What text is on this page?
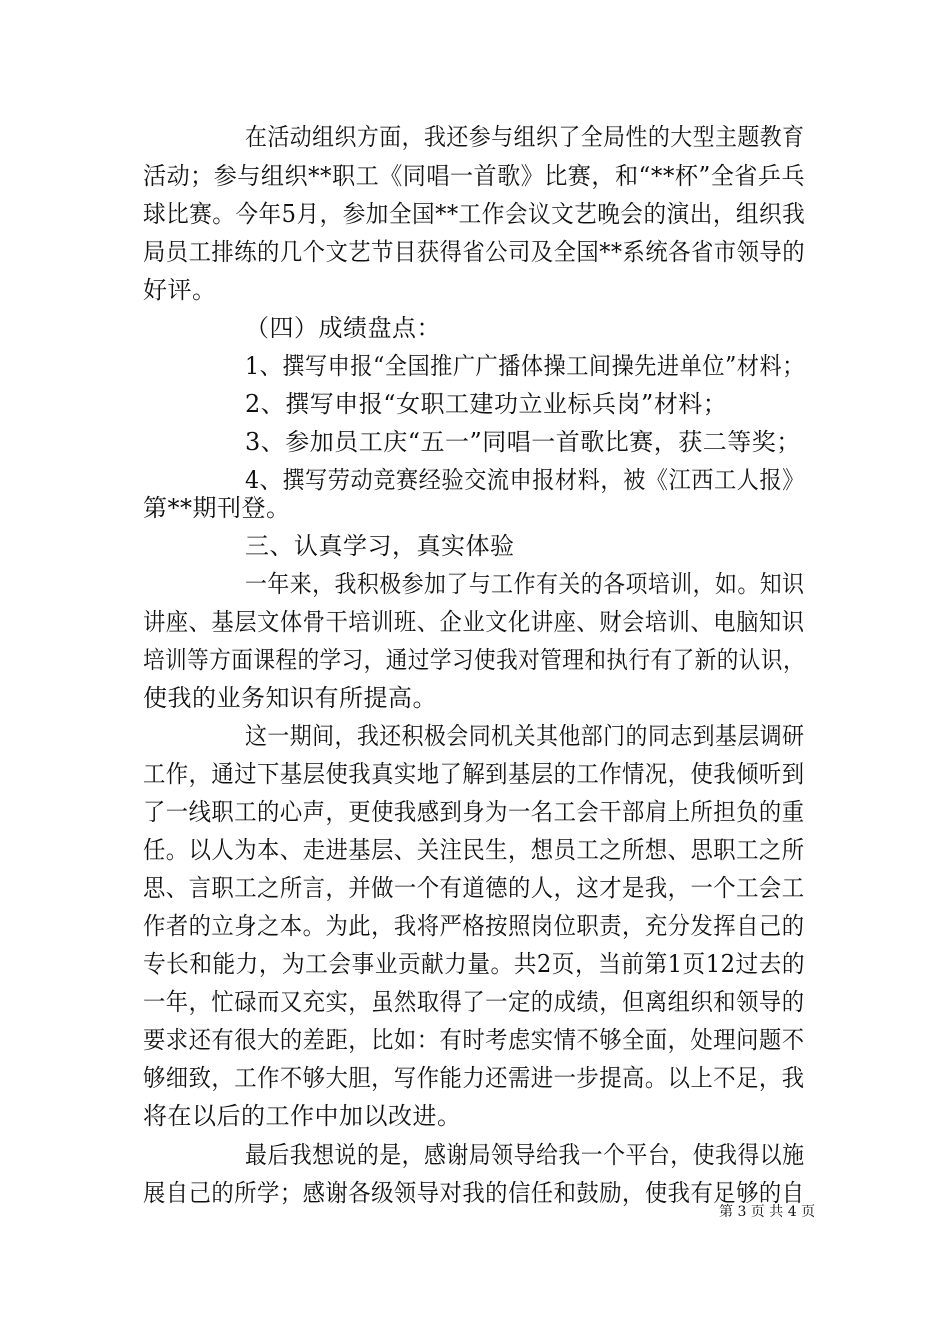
在活动组织方面，我还参与组织了全局性的大型主题教育
活动；参与组织**职工《同唱一首歌》比赛，和“**杯”全省乒乓
球比赛。今年5月，参加全国**工作会议文艺晚会的演出，组织我
局员工排练的几个文艺节目获得省公司及全国**系统各省市领导的
好评。
（四）成绩盘点：
1、撰写申报“全国推广广播体操工间操先进单位”材料；
2、撰写申报“女职工建功立业标兵岗”材料；
3、参加员工庆“五一”同唱一首歌比赛，获二等奖；
4、撰写劳动竞赛经验交流申报材料，被《江西工人报》
第**期刊登。
三、认真学习，真实体验
一年来，我积极参加了与工作有关的各项培训，如。知识
讲座、基层文体骨干培训班、企业文化讲座、财会培训、电脑知识
培训等方面课程的学习，通过学习使我对管理和执行有了新的认识，
使我的业务知识有所提高。
这一期间，我还积极会同机关其他部门的同志到基层调研
工作，通过下基层使我真实地了解到基层的工作情况，使我倾听到
了一线职工的心声，更使我感到身为一名工会干部肩上所担负的重
任。以人为本、走进基层、关注民生，想员工之所想、思职工之所
思、言职工之所言，并做一个有道德的人，这才是我，一个工会工
作者的立身之本。为此，我将严格按照岗位职责，充分发挥自己的
专长和能力，为工会事业贡献力量。共2页，当前第1页12过去的
一年，忙碌而又充实，虽然取得了一定的成绩，但离组织和领导的
要求还有很大的差距，比如：有时考虑实情不够全面，处理问题不
够细致，工作不够大胆，写作能力还需进一步提高。以上不足，我
将在以后的工作中加以改进。
最后我想说的是，感谢局领导给我一个平台，使我得以施
展自己的所学；感谢各级领导对我的信任和鼓励，使我有足够的自
第 3 页 共 4 页
